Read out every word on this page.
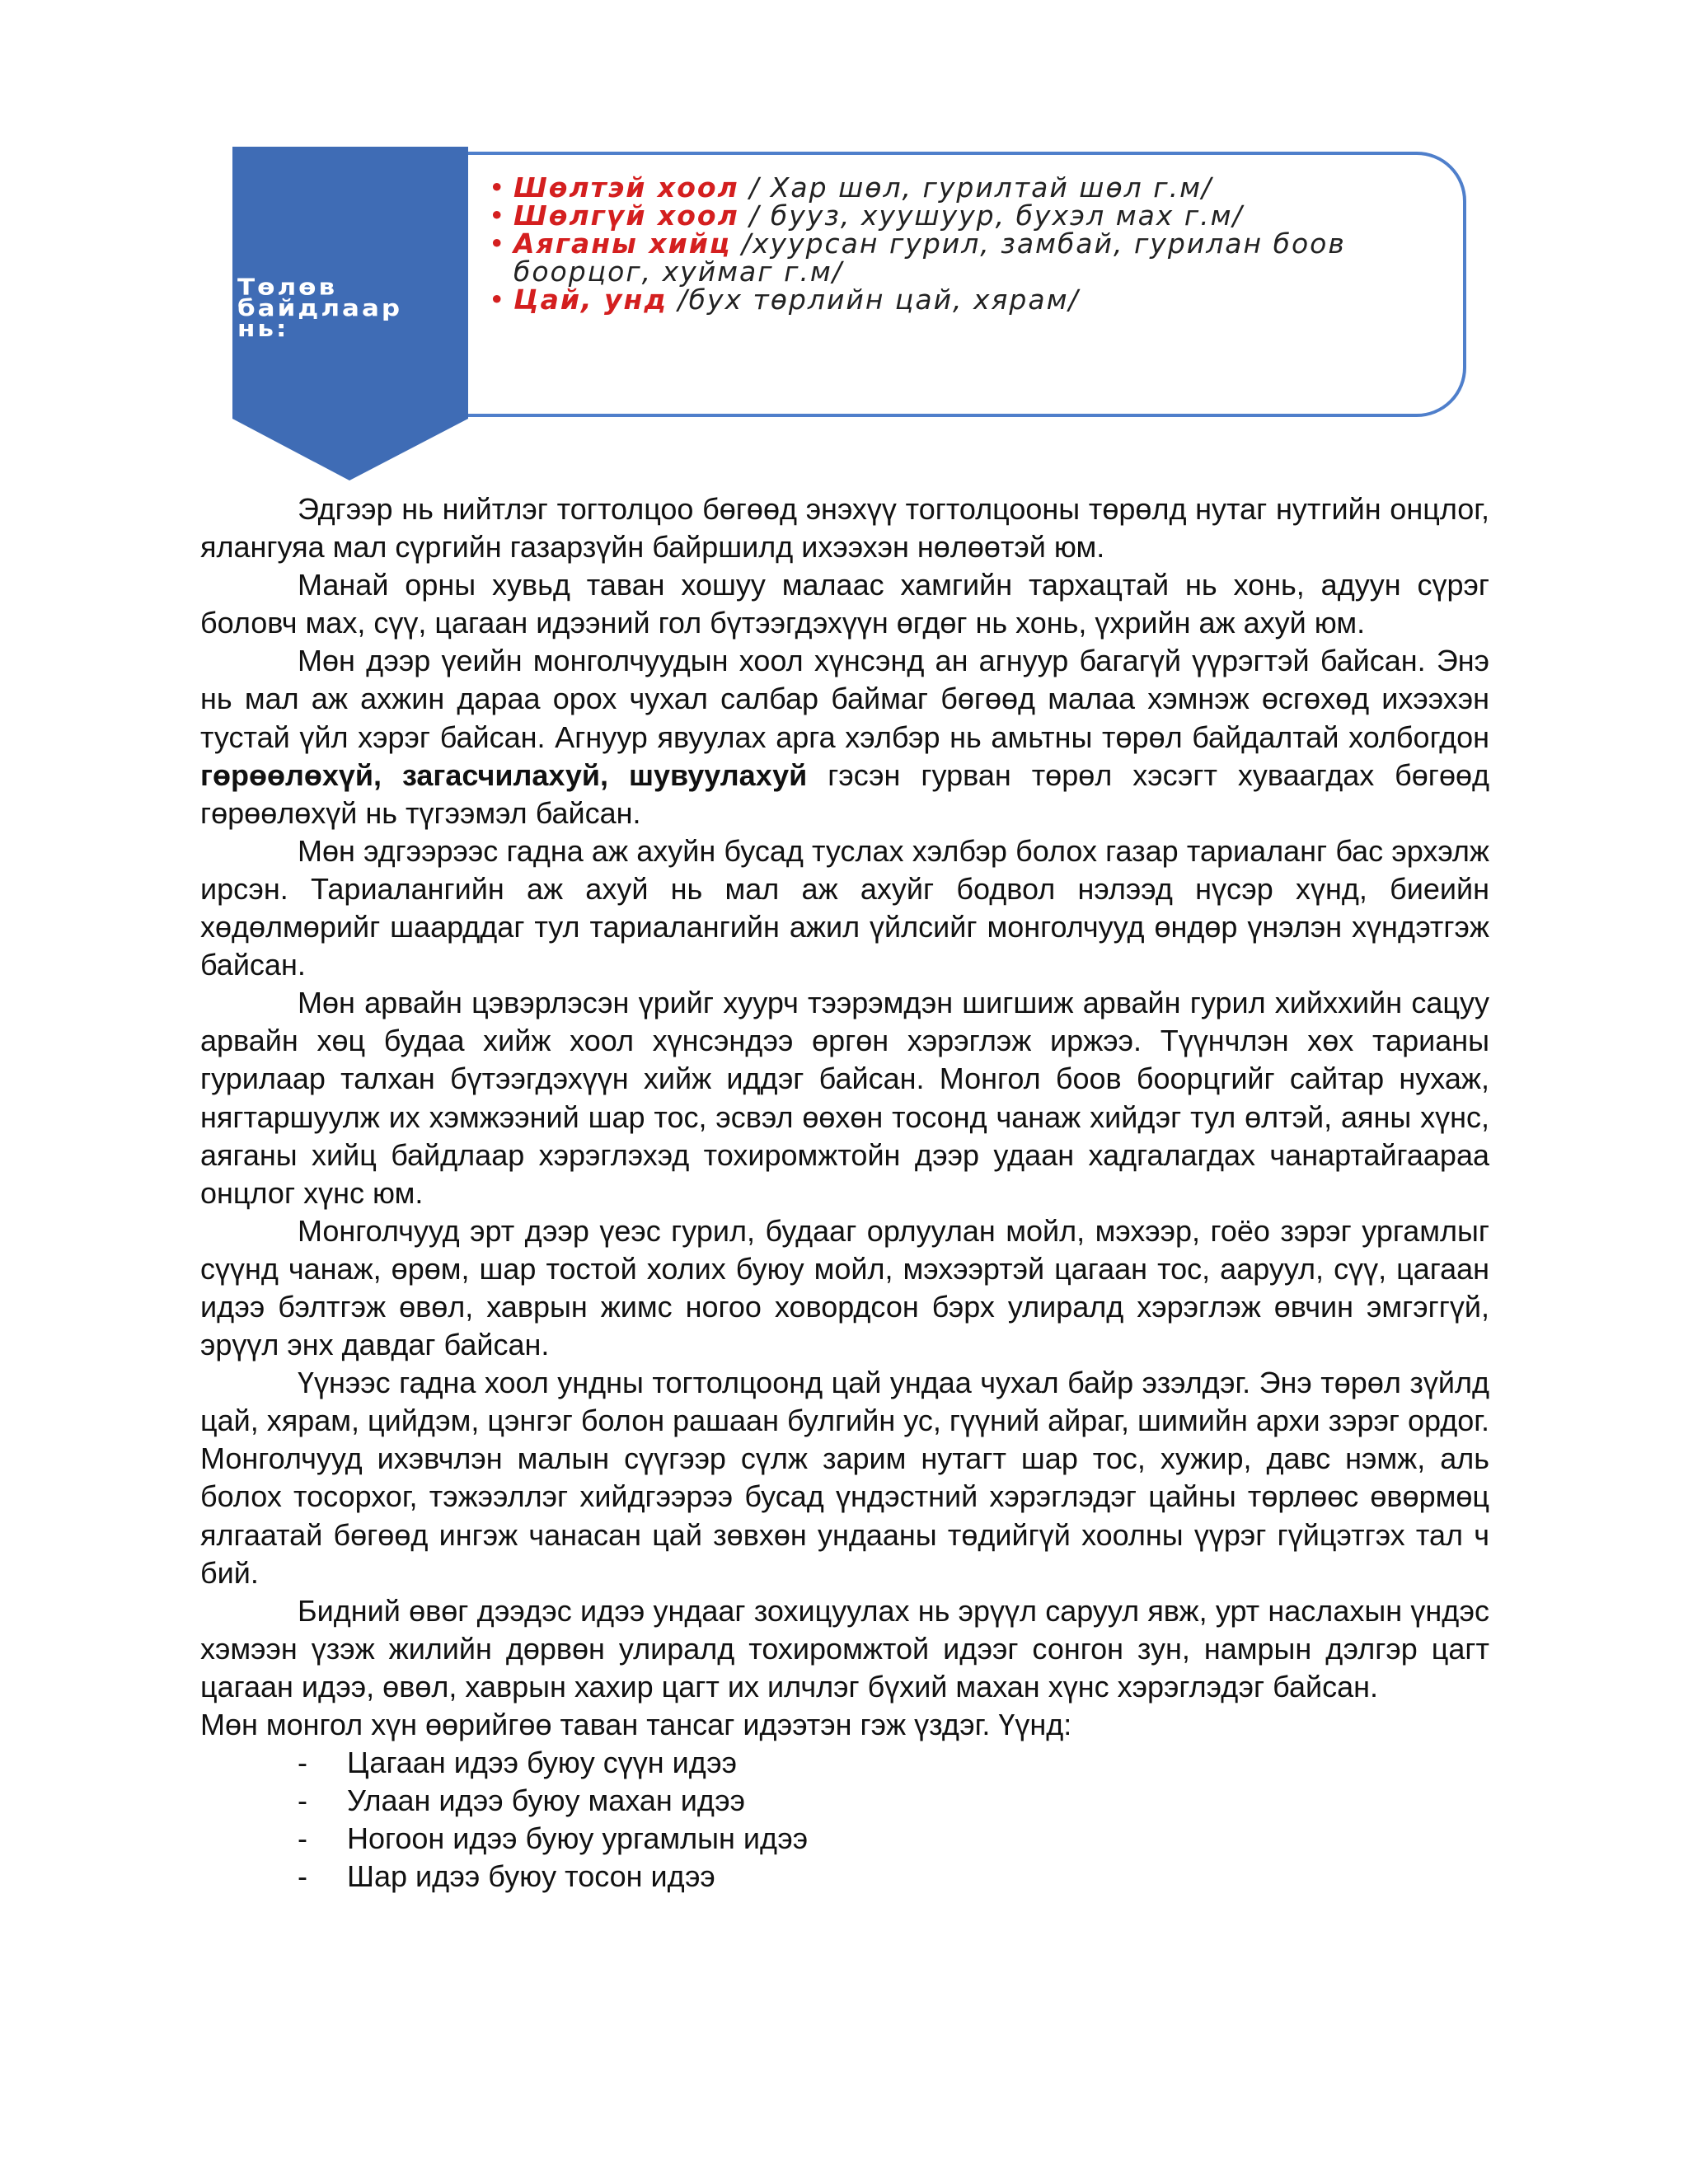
Төлөв байдлаар нь:
• Шөлтэй хоол / Хар шөл, гурилтай шөл г.м/
• Шөлгүй хоол / бууз, хуушуур, бухэл мах г.м/
• Аяганы хийц /хуурсан гурил, замбай, гурилан боов боорцог, хуймаг г.м/
• Цай, унд /бух төрлийн цай, хярам/

Эдгээр нь нийтлэг тогтолцоо бөгөөд энэхүү тогтолцооны төрөлд нутаг нутгийн онцлог, ялангуяа мал сүргийн газарзүйн байршилд ихээхэн нөлөөтэй юм.

Манай орны хувьд таван хошуу малаас хамгийн тархацтай нь хонь, адуун сүрэг боловч мах, сүү, цагаан идээний гол бүтээгдэхүүн өгдөг нь хонь, үхрийн аж ахуй юм.

Мөн дээр үеийн монголчуудын хоол хүнсэнд ан агнуур багагүй үүрэгтэй байсан. Энэ нь мал аж ахжин дараа орох чухал салбар баймаг бөгөөд малаа хэмнэж өсгөхөд ихээхэн тустай үйл хэрэг байсан. Агнуур явуулах арга хэлбэр нь амьтны төрөл байдалтай холбогдон гөрөөлөхүй, загасчилахуй, шувуулахуй гэсэн гурван төрөл хэсэгт хуваагдах бөгөөд гөрөөлөхүй нь түгээмэл байсан.

Мөн эдгээрээс гадна аж ахуйн бусад туслах хэлбэр болох газар тариаланг бас эрхэлж ирсэн. Тариалангийн аж ахуй нь мал аж ахуйг бодвол нэлээд нүсэр хүнд, биеийн хөдөлмөрийг шаарддаг тул тариалангийн ажил үйлсийг монголчууд өндөр үнэлэн хүндэтгэж байсан.

Мөн арвайн цэвэрлэсэн үрийг хуурч тээрэмдэн шигшиж арвайн гурил хийххийн сацуу арвайн хөц будаа хийж хоол хүнсэндээ өргөн хэрэглэж иржээ. Түүнчлэн хөх тарианы гурилаар талхан бүтээгдэхүүн хийж иддэг байсан. Монгол боов боорцгийг сайтар нухаж, нягтаршуулж их хэмжээний шар тос, эсвэл өөхөн тосонд чанаж хийдэг тул өлтэй, аяны хүнс, аяганы хийц байдлаар хэрэглэхэд тохиромжтойн дээр удаан хадгалагдах чанартайгаараа онцлог хүнс юм.

Монголчууд эрт дээр үеэс гурил, будааг орлуулан мойл, мэхээр, гоёо зэрэг ургамлыг сүүнд чанаж, өрөм, шар тостой холих буюу мойл, мэхээртэй цагаан тос, ааруул, сүү, цагаан идээ бэлтгэж өвөл, хаврын жимс ногоо ховордсон бэрх улиралд хэрэглэж өвчин эмгэггүй, эрүүл энх давдаг байсан.

Үүнээс гадна хоол ундны тогтолцоонд цай ундаа чухал байр эзэлдэг. Энэ төрөл зүйлд цай, хярам, цийдэм, цэнгэг болон рашаан булгийн ус, гүүний айраг, шимийн архи зэрэг ордог. Монголчууд ихэвчлэн малын сүүгээр сүлж зарим нутагт шар тос, хужир, давс нэмж, аль болох тосорхог, тэжээллэг хийдгээрээ бусад үндэстний хэрэглэдэг цайны төрлөөс өвөрмөц ялгаатай бөгөөд ингэж чанасан цай зөвхөн ундааны төдийгүй хоолны үүрэг гүйцэтгэх тал ч бий.

Бидний өвөг дээдэс идээ ундааг зохицуулах нь эрүүл саруул явж, урт наслахын үндэс хэмээн үзэж жилийн дөрвөн улиралд тохиромжтой идээг сонгон зун, намрын дэлгэр цагт цагаан идээ, өвөл, хаврын хахир цагт их илчлэг бүхий махан хүнс хэрэглэдэг байсан.

Мөн монгол хүн өөрийгөө таван тансаг идээтэн гэж үздэг. Үүнд:

- Цагаан идээ буюу сүүн идээ
- Улаан идээ буюу махан идээ
- Ногоон идээ буюу ургамлын идээ
- Шар идээ буюу тосон идээ
